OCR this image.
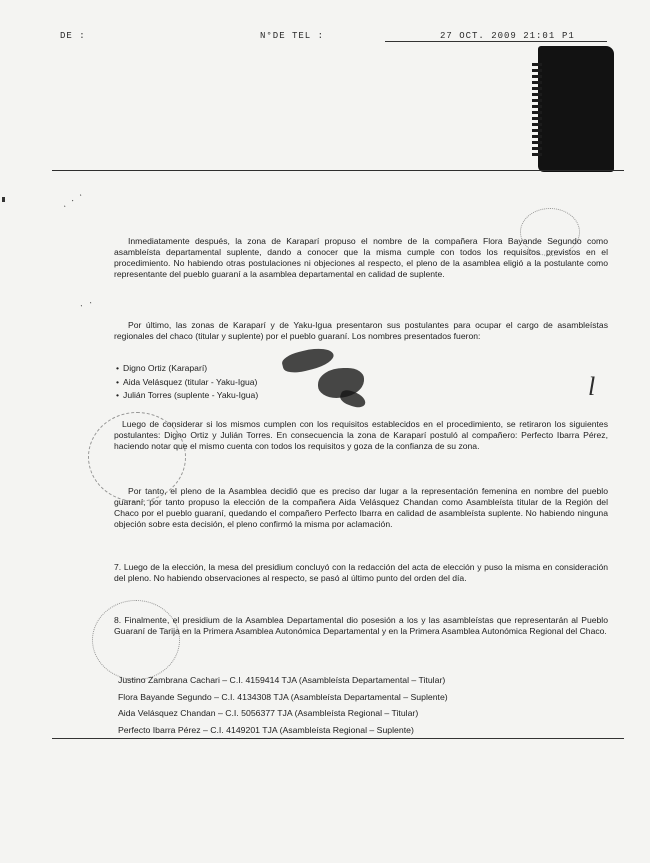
DE :	N°DE TEL :	27 OCT. 2009 21:01 P1
· · ·
· ·
l

Inmediatamente después, la zona de Karaparí propuso el nombre de la compañera Flora Bayande Segundo como asambleísta departamental suplente, dando a conocer que la misma cumple con todos los requisitos previstos en el procedimiento. No habiendo otras postulaciones ni objeciones al respecto, el pleno de la asamblea eligió a la postulante como representante del pueblo guaraní a la asamblea departamental en calidad de suplente.

Por último, las zonas de Karaparí y de Yaku-Igua presentaron sus postulantes para ocupar el cargo de asambleístas regionales del chaco (titular y suplente) por el pueblo guaraní. Los nombres presentados fueron:

• Digno Ortiz (Karaparí)
• Aida Velásquez (titular - Yaku-Igua)
• Julián Torres (suplente - Yaku-Igua)

Luego de considerar si los mismos cumplen con los requisitos establecidos en el procedimiento, se retiraron los siguientes postulantes: Digno Ortiz y Julián Torres. En consecuencia la zona de Karaparí postuló al compañero: Perfecto Ibarra Pérez, haciendo notar que el mismo cuenta con todos los requisitos y goza de la confianza de su zona.

Por tanto, el pleno de la Asamblea decidió que es preciso dar lugar a la representación femenina en nombre del pueblo guaraní, por tanto propuso la elección de la compañera Aida Velásquez Chandan como Asambleísta titular de la Región del Chaco por el pueblo guaraní, quedando el compañero Perfecto Ibarra en calidad de asambleísta suplente. No habiendo ninguna objeción sobre esta decisión, el pleno confirmó la misma por aclamación.

7. Luego de la elección, la mesa del presidium concluyó con la redacción del acta de elección y puso la misma en consideración del pleno. No habiendo observaciones al respecto, se pasó al último punto del orden del día.

8. Finalmente, el presidium de la Asamblea Departamental dio posesión a los y las asambleístas que representarán al Pueblo Guaraní de Tarija en la Primera Asamblea Autonómica Departamental y en la Primera Asamblea Autonómica Regional del Chaco.

Justino Zambrana Cachari – C.I. 4159414 TJA (Asambleísta Departamental – Titular)
Flora Bayande Segundo – C.I. 4134308 TJA (Asambleísta Departamental – Suplente)
Aida Velásquez Chandan – C.I. 5056377 TJA (Asambleísta Regional – Titular)
Perfecto Ibarra Pérez – C.I. 4149201 TJA (Asambleísta Regional – Suplente)
